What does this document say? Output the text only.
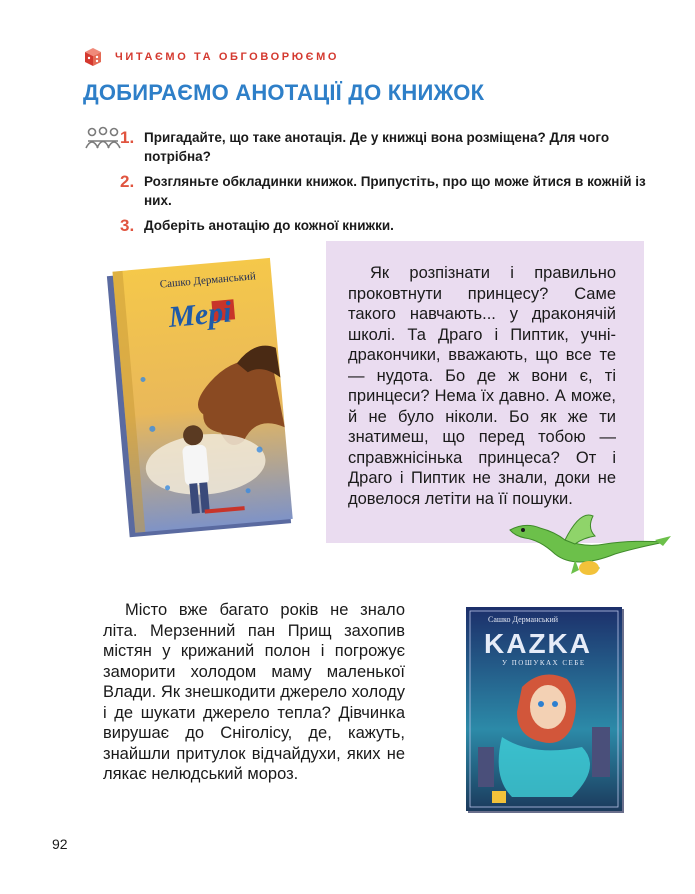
ЧИТАЄМО ТА ОБГОВОРЮЄМО
ДОБИРАЄМО АНОТАЦІЇ ДО КНИЖОК
1. Пригадайте, що таке анотація. Де у книжці вона розміщена? Для чого потрібна?
2. Розгляньте обкладинки книжок. Припустіть, про що може йтися в кожній із них.
3. Доберіть анотацію до кожної книжки.
Сашко Дерманський
Мері
Як розпізнати і правильно проковтнути принцесу? Саме такого навчають... у драконячій школі. Та Драго і Пиптик, учні-дракончики, вважають, що все те — нудота. Бо де ж вони є, ті принцеси? Нема їх давно. А може, й не було ніколи. Бо як же ти знатимеш, що перед тобою — справжнісінька принцеса? От і Драго і Пиптик не знали, доки не довелося летіти на її пошуки.
Місто вже багато років не знало літа. Мерзенний пан Прищ захопив містян у крижаний полон і погрожує заморити холодом маму маленької Влади. Як знешкодити джерело холоду і де шукати джерело тепла? Дівчинка вирушає до Сніголісу, де, кажуть, знайшли притулок відчайдухи, яких не лякає нелюдський мороз.
Сашко Дерманський
KAZKA
У ПОШУКАХ СЕБЕ
92
